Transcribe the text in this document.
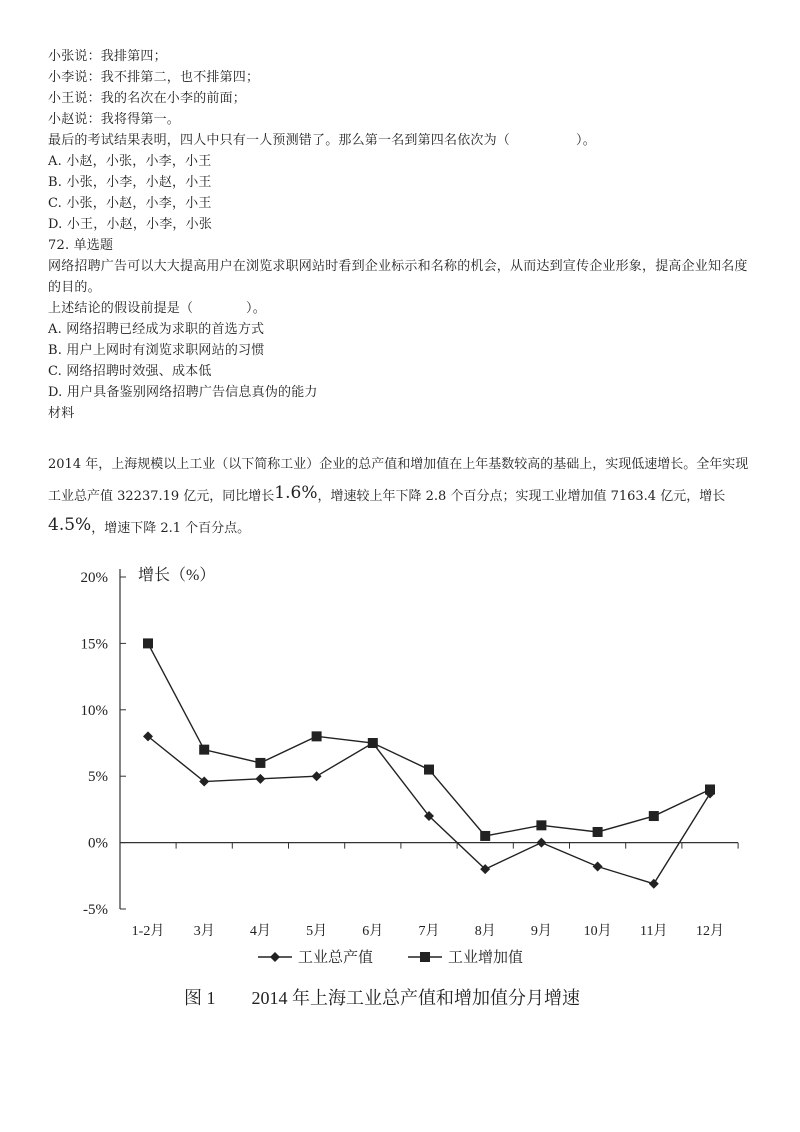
小张说：我排第四；
小李说：我不排第二，也不排第四；
小王说：我的名次在小李的前面；
小赵说：我将得第一。
最后的考试结果表明，四人中只有一人预测错了。那么第一名到第四名依次为（　　　　　）。
A. 小赵，小张，小李，小王
B. 小张，小李，小赵，小王
C. 小张，小赵，小李，小王
D. 小王，小赵，小李，小张
72. 单选题
网络招聘广告可以大大提高用户在浏览求职网站时看到企业标示和名称的机会，从而达到宣传企业形象，提高企业知名度的目的。
上述结论的假设前提是（　　　　）。
A. 网络招聘已经成为求职的首选方式
B. 用户上网时有浏览求职网站的习惯
C. 网络招聘时效强、成本低
D. 用户具备鉴别网络招聘广告信息真伪的能力
材料
2014 年，上海规模以上工业（以下简称工业）企业的总产值和增加值在上年基数较高的基础上，实现低速增长。全年实现工业总产值 32237.19 亿元，同比增长1.6%，增速较上年下降 2.8 个百分点；实现工业增加值 7163.4 亿元，增长4.5%，增速下降 2.1 个百分点。
-5%
0%
5%
10%
15%
20%
1-2月 3月	4月	5月	6月	7月	8月	9月 10月 11月 12月
增长（%）
工业总产值	工业增加值
图 1　　2014 年上海工业总产值和增加值分月增速
